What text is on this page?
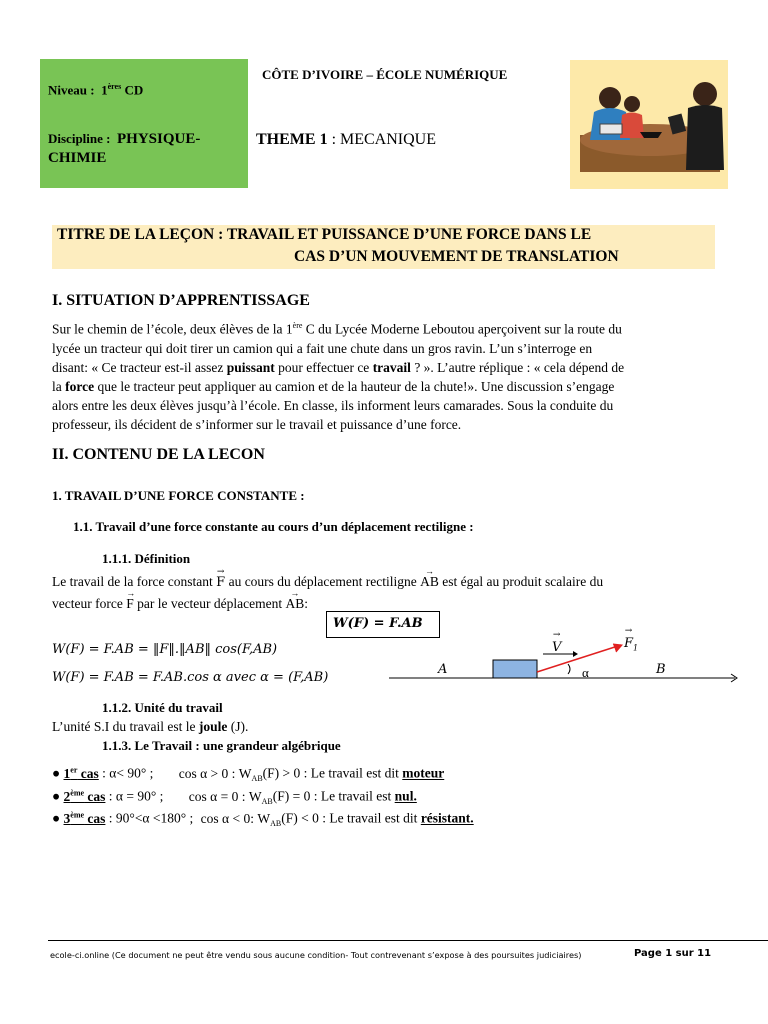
Niveau : 1ères CD
Discipline : PHYSIQUE-
CHIMIE
CÔTE D’IVOIRE – ÉCOLE NUMÉRIQUE
THEME 1 : MECANIQUE
TITRE DE LA LEÇON : TRAVAIL ET PUISSANCE D’UNE FORCE DANS LE
CAS D’UN MOUVEMENT DE TRANSLATION
I. SITUATION D’APPRENTISSAGE
Sur le chemin de l’école, deux élèves de la 1ère C du Lycée Moderne Leboutou aperçoivent sur la route du
lycée un tracteur qui doit tirer un camion qui a fait une chute dans un gros ravin. L’un s’interroge en
disant: « Ce tracteur est-il assez puissant pour effectuer ce travail ? ». L’autre réplique : « cela dépend de
la force que le tracteur peut appliquer au camion et de la hauteur de la chute!». Une discussion s’engage
alors entre les deux élèves jusqu’à l’école. En classe, ils informent leurs camarades. Sous la conduite du
professeur, ils décident de s’informer sur le travail et puissance d’une force.
II. CONTENU DE LA LECON
1. TRAVAIL D’UNE FORCE CONSTANTE :
1.1. Travail d’une force constante au cours d’un déplacement rectiligne :
1.1.1. Définition
Le travail de la force constant → F au cours du déplacement rectiligne → AB est égal au produit scalaire du
vecteur force → F par le vecteur déplacement → AB:
W(F) = F.AB
W(F) = F.AB = ‖F‖.‖AB‖ cos(F,AB)
W(F) = F.AB = F.AB.cos α avec α = (F,AB)
→ V
→	$F_1$
α
A	B
1.1.2. Unité du travail
L’unité S.I du travail est le joule (J).
1.1.3. Le Travail : une grandeur algébrique
● 1er cas : α< 90° ; cos α > 0 : $W_{AB}(F) > 0$ : Le travail est dit moteur
● 2ème cas : α = 90° ; cos α = 0 : $W_{AB}(F) = 0$ : Le travail est nul.
● 3ème cas : 90°<α <180° ; cos α < 0: $W_{AB}(F) < 0$ : Le travail est dit résistant.
ecole-ci.online (Ce document ne peut être vendu sous aucune condition- Tout contrevenant s’expose à des poursuites judiciaires)	Page 1 sur 11
